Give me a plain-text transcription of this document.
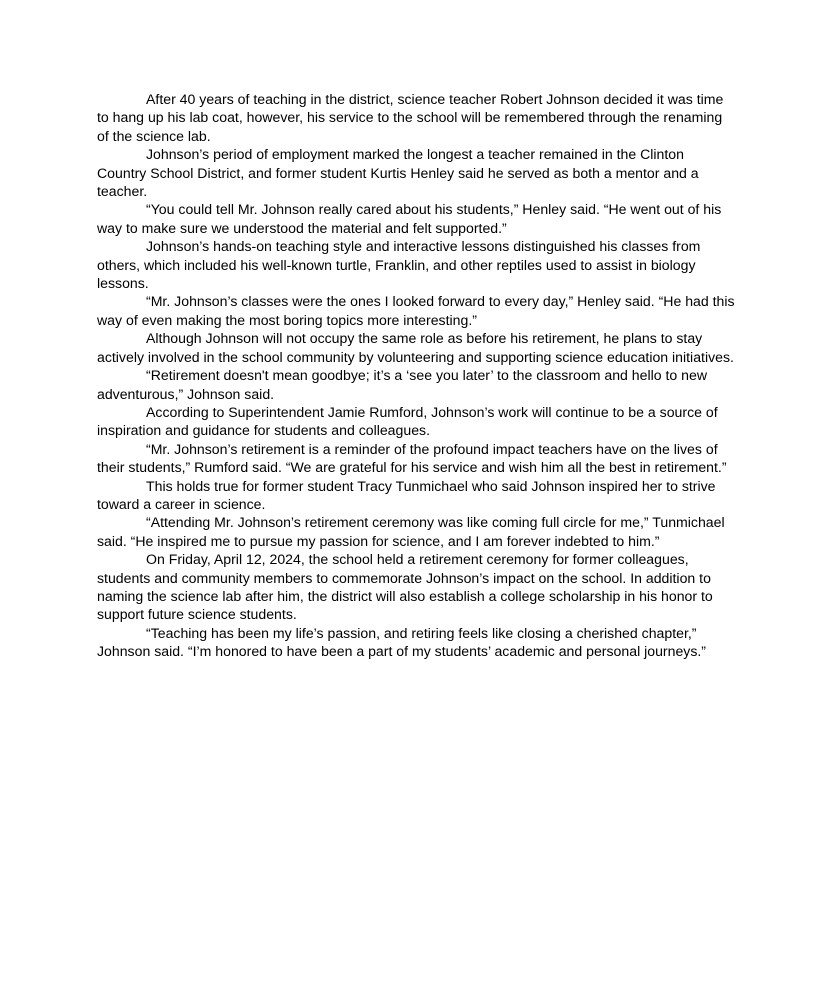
After 40 years of teaching in the district, science teacher Robert Johnson decided it was time to hang up his lab coat, however, his service to the school will be remembered through the renaming of the science lab.

Johnson’s period of employment marked the longest a teacher remained in the Clinton Country School District, and former student Kurtis Henley said he served as both a mentor and a teacher.

“You could tell Mr. Johnson really cared about his students,” Henley said. “He went out of his way to make sure we understood the material and felt supported.”

Johnson’s hands-on teaching style and interactive lessons distinguished his classes from others, which included his well-known turtle, Franklin, and other reptiles used to assist in biology lessons.

“Mr. Johnson’s classes were the ones I looked forward to every day,” Henley said. “He had this way of even making the most boring topics more interesting.”

Although Johnson will not occupy the same role as before his retirement, he plans to stay actively involved in the school community by volunteering and supporting science education initiatives.

“Retirement doesn't mean goodbye; it’s a ‘see you later’ to the classroom and hello to new adventurous,” Johnson said.

According to Superintendent Jamie Rumford, Johnson’s work will continue to be a source of inspiration and guidance for students and colleagues.

“Mr. Johnson’s retirement is a reminder of the profound impact teachers have on the lives of their students,” Rumford said. “We are grateful for his service and wish him all the best in retirement.”

This holds true for former student Tracy Tunmichael who said Johnson inspired her to strive toward a career in science.

“Attending Mr. Johnson’s retirement ceremony was like coming full circle for me,” Tunmichael said. “He inspired me to pursue my passion for science, and I am forever indebted to him.”

On Friday, April 12, 2024, the school held a retirement ceremony for former colleagues, students and community members to commemorate Johnson’s impact on the school. In addition to naming the science lab after him, the district will also establish a college scholarship in his honor to support future science students.

“Teaching has been my life’s passion, and retiring feels like closing a cherished chapter,” Johnson said. “I’m honored to have been a part of my students’ academic and personal journeys.”
